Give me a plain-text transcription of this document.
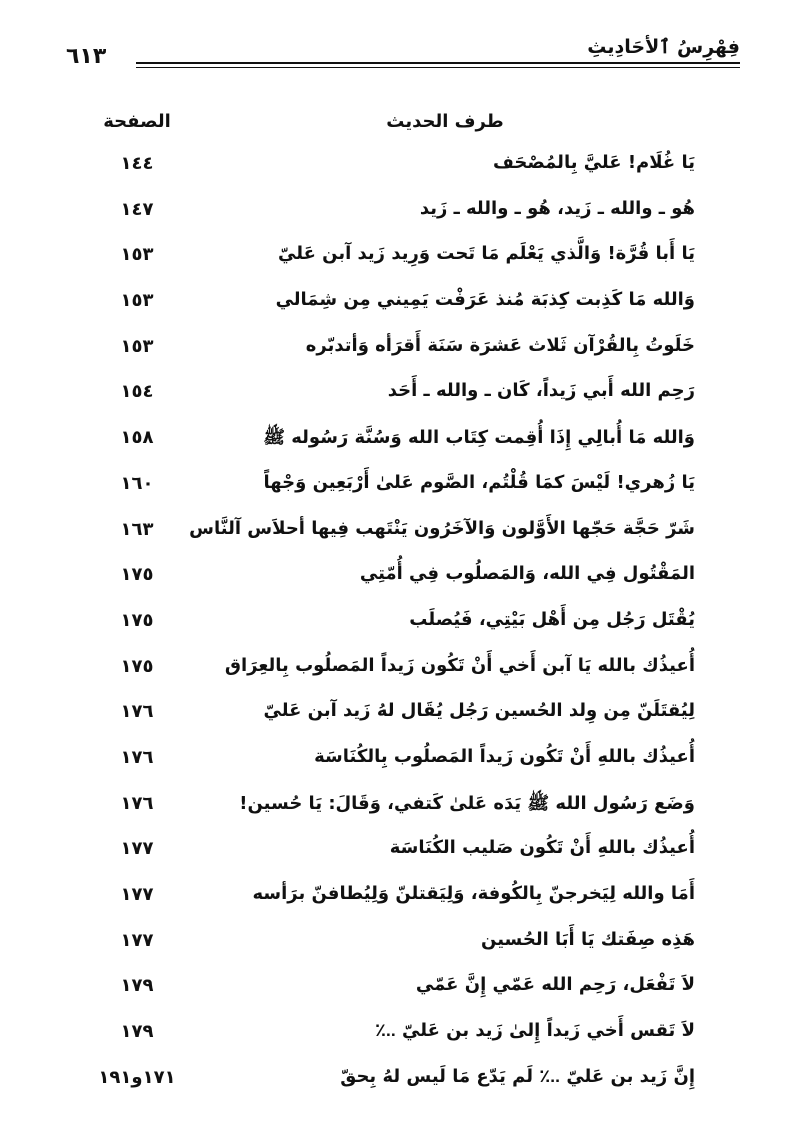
فِهْرِسُ ٱلأحَادِيثِ
٦١٣
طرف الحديث
الصفحة
يَا غُلَام! عَليَّ بِالمُصْحَف
١٤٤
هُو ـ والله ـ زَيد، هُو ـ والله ـ زَيد
١٤٧
يَا أَبا قُرَّة! وَالَّذي يَعْلَم مَا تَحت وَرِيد زَيد آبن عَليّ
١٥٣
وَالله مَا كَذِبت كِذبَة مُنذ عَرَفْت يَمِيني مِن شِمَالي
١٥٣
خَلَوتُ بِالقُرْآن ثَلاث عَشرَة سَنَة أَقرَأه وَأتدبّره
١٥٣
رَحِم الله أَبي زَيداً، كَان ـ والله ـ أَحَد
١٥٤
وَالله مَا أُبالِي إِذَا أُقِمت كِتَاب الله وَسُنَّة رَسُوله ﷺ
١٥٨
يَا زُهري! لَيْسَ كمَا قُلْتُم، الصَّوم عَلىٰ أَرْبَعِين وَجْهاً
١٦٠
شَرّ حَجَّة حَجّها الأَوَّلون وَالآخَرُون يَنْتَهب فِيها أحلاَس آلنَّاس
١٦٣
المَقْتُول فِي الله، وَالمَصلُوب فِي أُمّتِي
١٧٥
يُقْتَل رَجُل مِن أَهْل بَيْتِي، فَيُصلَب
١٧٥
أُعيذُك بالله يَا آبن أَخي أَنْ تَكُون زَيداً المَصلُوب بِالعِرَاق
١٧٥
لِيُقتَلَنّ مِن وِلد الحُسين رَجُل يُقَال لهُ زَيد آبن عَليّ
١٧٦
أُعيذُك باللهِ أَنْ تَكُون زَيداً المَصلُوب بِالكُنَاسَة
١٧٦
وَضَع رَسُول الله ﷺ يَدَه عَلىٰ كَتفي، وَقَالَ: يَا حُسين!
١٧٦
أُعيذُك باللهِ أَنْ تَكُون صَليب الكُنَاسَة
١٧٧
أَمَا والله لِيَخرجنّ بِالكُوفة، وَلِيَقتلنّ وَلِيُطافنّ برَأسه
١٧٧
هَذِه صِفَتك يَا أَبَا الحُسين
١٧٧
لاَ تَفْعَل، رَحِم الله عَمّي إِنَّ عَمّي
١٧٩
لاَ تَقس أَخي زَيداً إِلىٰ زَيد بن عَليّ ؊
١٧٩
إِنَّ زَيد بن عَليّ ؊ لَم يَدّع مَا لَيس لهُ بِحقّ
١٧١و١٩١
